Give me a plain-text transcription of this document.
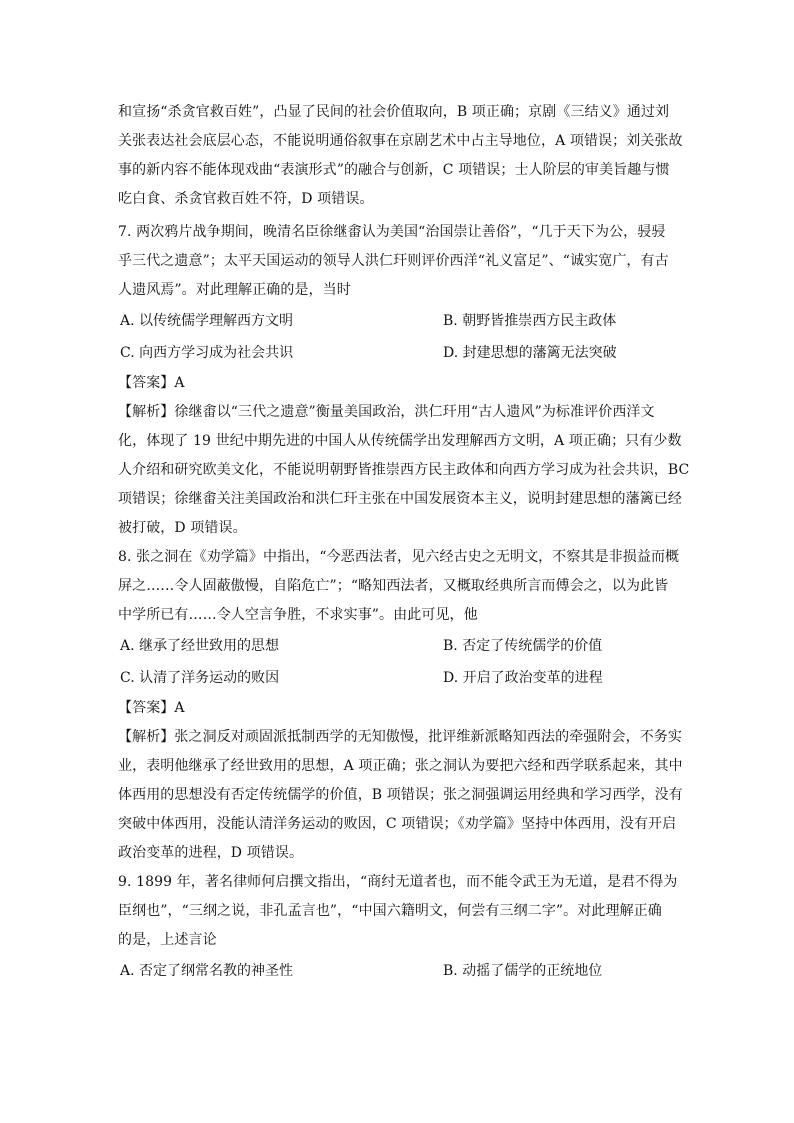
和宣扬“杀贪官救百姓”，凸显了民间的社会价值取向，B 项正确；京剧《三结义》通过刘

关张表达社会底层心态，不能说明通俗叙事在京剧艺术中占主导地位，A 项错误；刘关张故

事的新内容不能体现戏曲“表演形式”的融合与创新，C 项错误；士人阶层的审美旨趣与惯

吃白食、杀贪官救百姓不符，D 项错误。

7. 两次鸦片战争期间，晚清名臣徐继畬认为美国“治国崇让善俗”，“几于天下为公，骎骎

乎三代之遗意”；太平天国运动的领导人洪仁玕则评价西洋“礼义富足”、“诚实宽广，有古

人遗风焉”。对此理解正确的是，当时

A. 以传统儒学理解西方文明	B. 朝野皆推崇西方民主政体
C. 向西方学习成为社会共识	D. 封建思想的藩篱无法突破

【答案】A

【解析】徐继畬以“三代之遗意”衡量美国政治，洪仁玕用“古人遗风”为标准评价西洋文

化，体现了 19 世纪中期先进的中国人从传统儒学出发理解西方文明，A 项正确；只有少数

人介绍和研究欧美文化，不能说明朝野皆推崇西方民主政体和向西方学习成为社会共识，BC

项错误；徐继畬关注美国政治和洪仁玕主张在中国发展资本主义，说明封建思想的藩篱已经

被打破，D 项错误。

8. 张之洞在《劝学篇》中指出，“今恶西法者，见六经古史之无明文，不察其是非损益而概

屏之……令人固蔽傲慢，自陷危亡”；“略知西法者，又概取经典所言而傅会之，以为此皆

中学所已有……令人空言争胜，不求实事”。由此可见，他

A. 继承了经世致用的思想	B. 否定了传统儒学的价值
C. 认清了洋务运动的败因	D. 开启了政治变革的进程

【答案】A

【解析】张之洞反对顽固派抵制西学的无知傲慢，批评维新派略知西法的牵强附会，不务实

业，表明他继承了经世致用的思想，A 项正确；张之洞认为要把六经和西学联系起来，其中

体西用的思想没有否定传统儒学的价值，B 项错误；张之洞强调运用经典和学习西学，没有

突破中体西用，没能认清洋务运动的败因，C 项错误；《劝学篇》坚持中体西用，没有开启

政治变革的进程，D 项错误。

9. 1899 年，著名律师何启撰文指出，“商纣无道者也，而不能令武王为无道，是君不得为

臣纲也”，“三纲之说，非孔孟言也”，“中国六籍明文，何尝有三纲二字”。对此理解正确

的是，上述言论

A. 否定了纲常名教的神圣性	B. 动摇了儒学的正统地位
